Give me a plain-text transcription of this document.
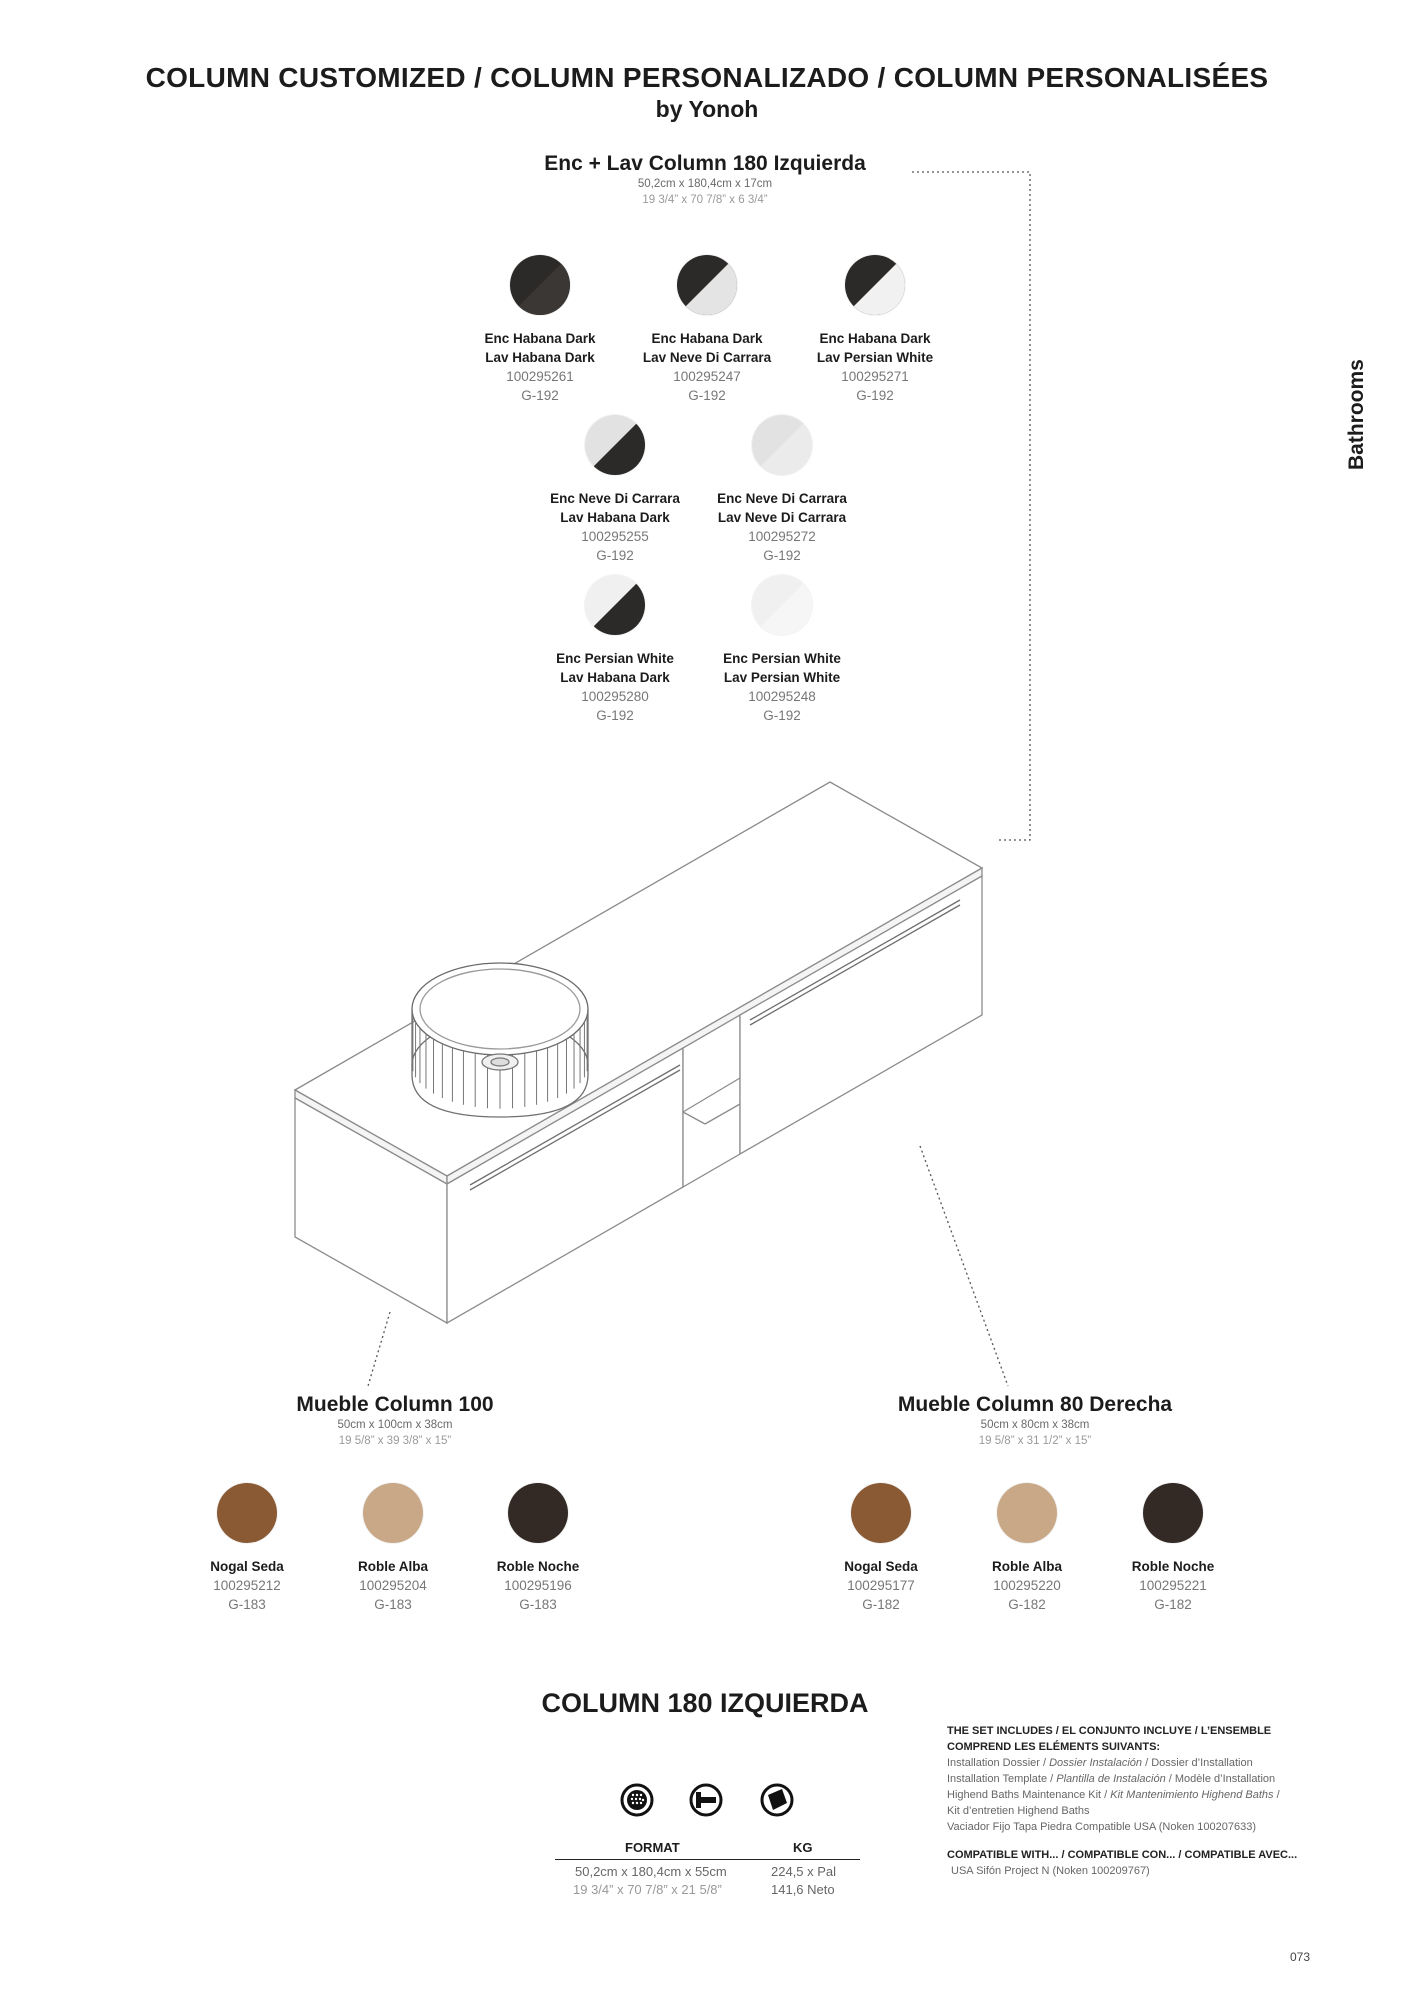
COLUMN CUSTOMIZED / COLUMN PERSONALIZADO / COLUMN PERSONALISÉES
by Yonoh
Bathrooms
Enc + Lav Column 180 Izquierda
50,2cm x 180,4cm x 17cm
19 3/4” x 70 7/8” x 6 3/4”
Enc Habana Dark
Lav Habana Dark
100295261
G-192
Enc Habana Dark
Lav Neve Di Carrara
100295247
G-192
Enc Habana Dark
Lav Persian White
100295271
G-192
Enc Neve Di Carrara
Lav Habana Dark
100295255
G-192
Enc Neve Di Carrara
Lav Neve Di Carrara
100295272
G-192
Enc Persian White
Lav Habana Dark
100295280
G-192
Enc Persian White
Lav Persian White
100295248
G-192
Mueble Column 100
50cm x 100cm x 38cm
19 5/8” x 39 3/8” x 15”
Mueble Column 80 Derecha
50cm x 80cm x 38cm
19 5/8” x 31 1/2” x 15”
Nogal Seda
100295212
G-183
Roble Alba
100295204
G-183
Roble Noche
100295196
G-183
Nogal Seda
100295177
G-182
Roble Alba
100295220
G-182
Roble Noche
100295221
G-182
COLUMN 180 IZQUIERDA
FORMAT	KG
50,2cm x 180,4cm x 55cm	224,5 x Pal
19 3/4” x 70 7/8” x 21 5/8”	141,6 Neto
THE SET INCLUDES / EL CONJUNTO INCLUYE / L’ENSEMBLE
COMPREND LES ELÉMENTS SUIVANTS:
Installation Dossier / Dossier Instalación / Dossier d’Installation
Installation Template / Plantilla de Instalación / Modèle d’Installation
Highend Baths Maintenance Kit / Kit Mantenimiento Highend Baths /
Kit d’entretien Highend Baths
Vaciador Fijo Tapa Piedra Compatible USA (Noken 100207633)
COMPATIBLE WITH... / COMPATIBLE CON... / COMPATIBLE AVEC...
USA Sifón Project N (Noken 100209767)
073
